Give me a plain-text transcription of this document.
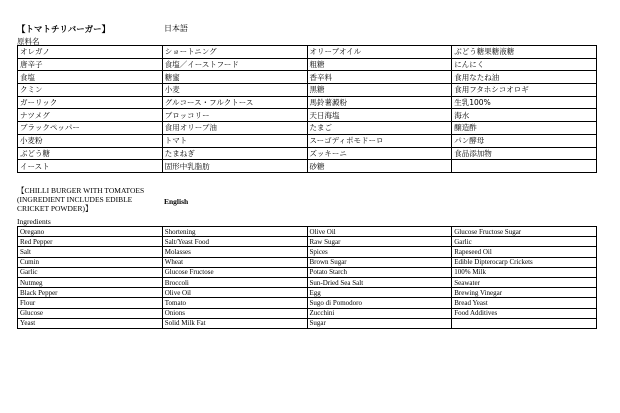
【トマトチリバーガー】	日本語
原料名
オレガノ	ショートニング	オリーブオイル	ぶどう糖果糖液糖
唐辛子	食塩／イーストフード	粗糖	にんにく
食塩	糖蜜	香辛料	食用なたね油
クミン	小麦	黒糖	食用フタホシコオロギ
ガーリック	グルコース・フルクトース	馬鈴薯澱粉	生乳100%
ナツメグ	ブロッコリー	天日海塩	海水
ブラックペッパー	食用オリーブ油	たまご	醸造酢
小麦粉	トマト	スーゴディポモドーロ	パン酵母
ぶどう糖	たまねぎ	ズッキーニ	食品添加物
イースト	固形中乳脂肪	砂糖	
【CHILLI BURGER WITH TOMATOES (INGREDIENT INCLUDES EDIBLE CRICKET POWDER)】
English
Ingredients
Oregano	Shortening	Olive Oil	Glucose Fructose Sugar
Red Pepper	Salt/Yeast Food	Raw Sugar	Garlic
Salt	Molasses	Spices	Rapeseed Oil
Cumin	Wheat	Brown Sugar	Edible Dipterocarp Crickets
Garlic	Glucose Fructose	Potato Starch	100% Milk
Nutmeg	Broccoli	Sun-Dried Sea Salt	Seawater
Black Pepper	Olive Oil	Egg	Brewing Vinegar
Flour	Tomato	Sugo di Pomodoro	Bread Yeast
Glucose	Onions	Zucchini	Food Additives
Yeast	Solid Milk Fat	Sugar	
